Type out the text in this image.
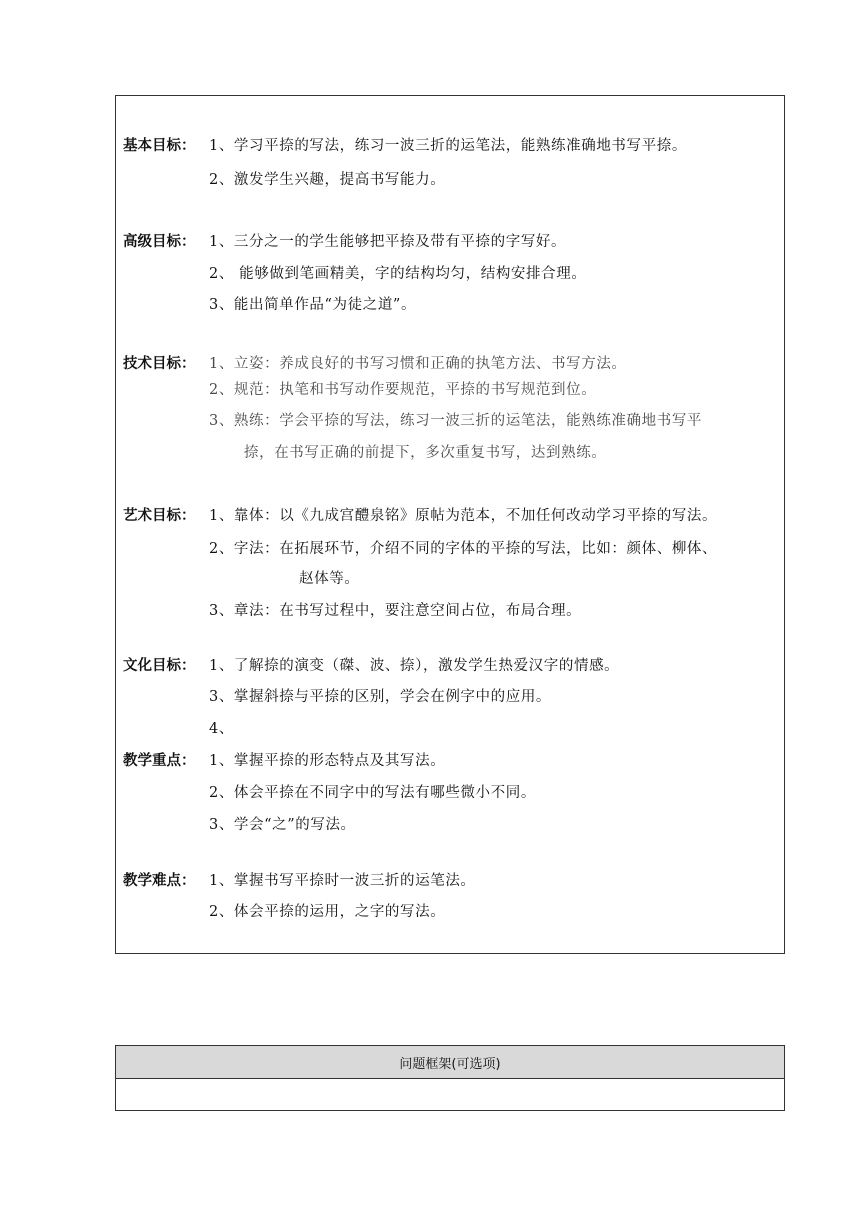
基本目标： 1、学习平捺的写法，练习一波三折的运笔法，能熟练准确地书写平捺。
2、激发学生兴趣，提高书写能力。
高级目标： 1、三分之一的学生能够把平捺及带有平捺的字写好。
2、 能够做到笔画精美，字的结构均匀，结构安排合理。
3、能出简单作品“为徒之道”。
技术目标： 1、立姿：养成良好的书写习惯和正确的执笔方法、书写方法。
2、规范：执笔和书写动作要规范，平捺的书写规范到位。
3、熟练：学会平捺的写法，练习一波三折的运笔法，能熟练准确地书写平
捺，在书写正确的前提下，多次重复书写，达到熟练。
艺术目标： 1、靠体：以《九成宫醴泉铭》原帖为范本，不加任何改动学习平捺的写法。
2、字法：在拓展环节，介绍不同的字体的平捺的写法，比如：颜体、柳体、
赵体等。
3、章法：在书写过程中，要注意空间占位，布局合理。
文化目标： 1、了解捺的演变（磔、波、捺），激发学生热爱汉字的情感。
3、掌握斜捺与平捺的区别，学会在例字中的应用。
4、
教学重点： 1、掌握平捺的形态特点及其写法。
2、体会平捺在不同字中的写法有哪些微小不同。
3、学会“之”的写法。
教学难点： 1、掌握书写平捺时一波三折的运笔法。
2、体会平捺的运用，之字的写法。
问题框架(可选项)
